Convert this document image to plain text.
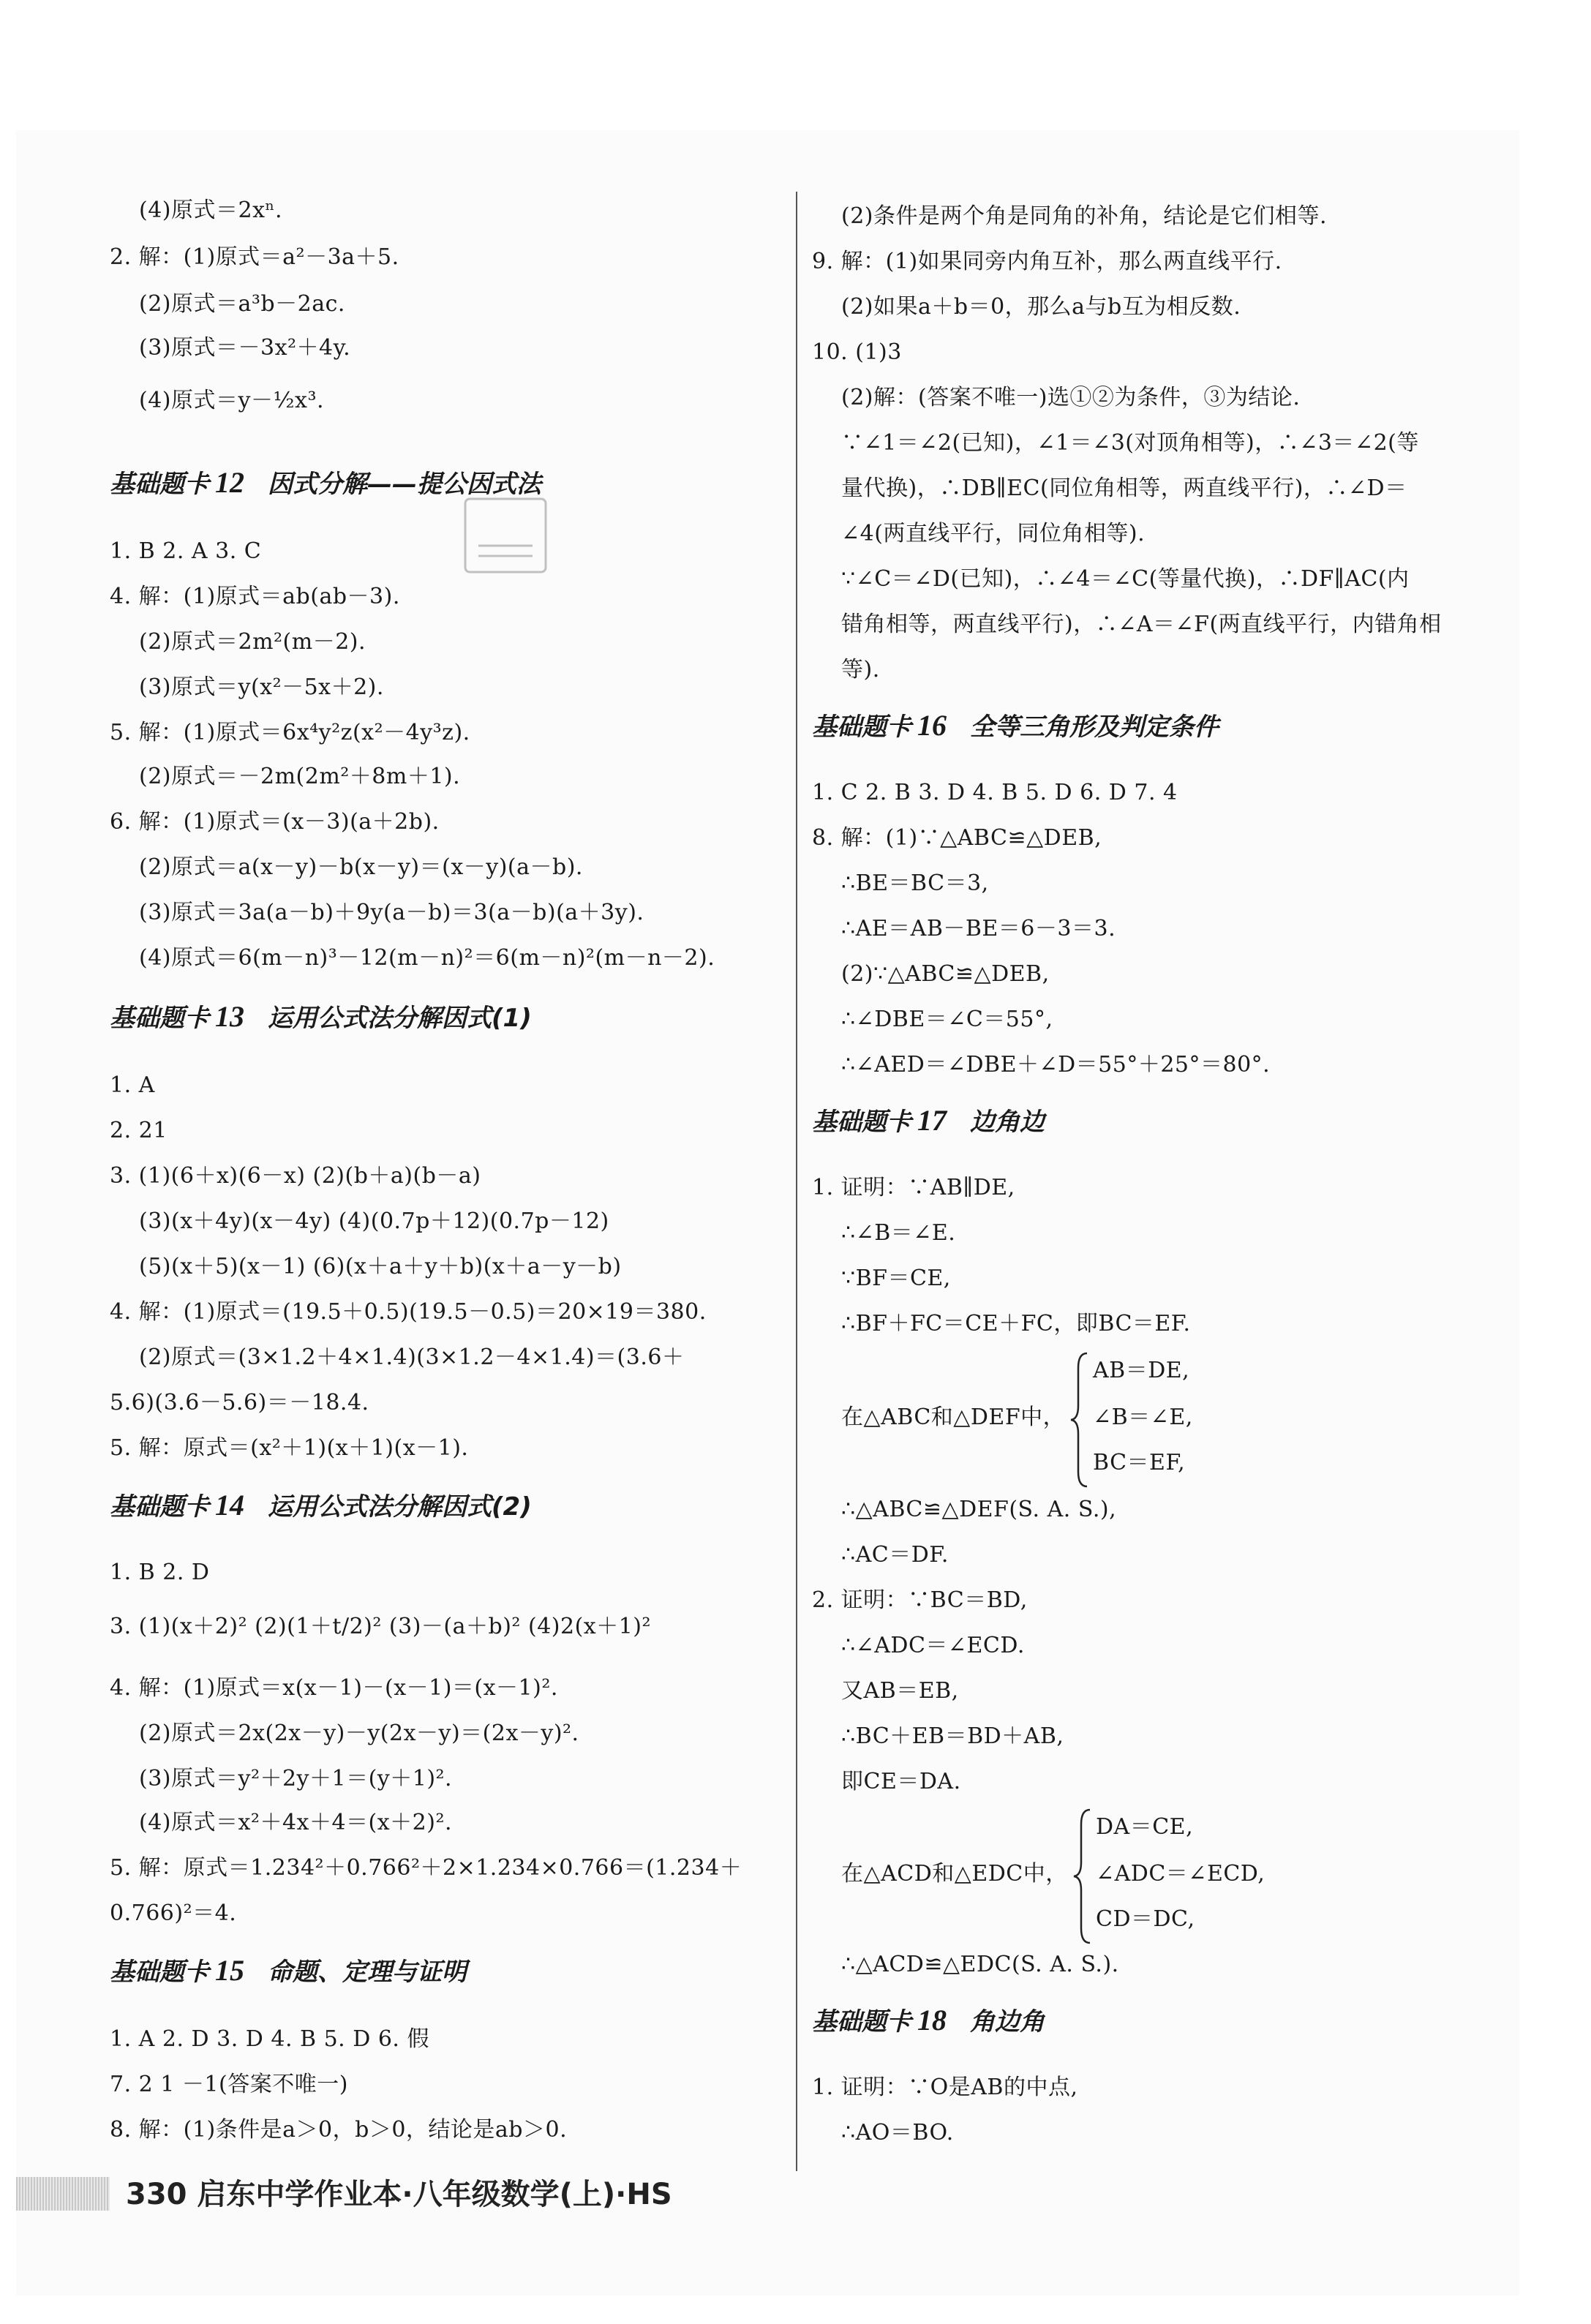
(4)原式＝2xⁿ.
2. 解：(1)原式＝a²－3a＋5.
(2)原式＝a³b－2ac.
(3)原式＝－3x²＋4y.
(4)原式＝y－½x³.
基础题卡 12 因式分解——提公因式法
1. B 2. A 3. C
4. 解：(1)原式＝ab(ab－3).
(2)原式＝2m²(m－2).
(3)原式＝y(x²－5x＋2).
5. 解：(1)原式＝6x⁴y²z(x²－4y³z).
(2)原式＝－2m(2m²＋8m＋1).
6. 解：(1)原式＝(x－3)(a＋2b).
(2)原式＝a(x－y)－b(x－y)＝(x－y)(a－b).
(3)原式＝3a(a－b)＋9y(a－b)＝3(a－b)(a＋3y).
(4)原式＝6(m－n)³－12(m－n)²＝6(m－n)²(m－n－2).
基础题卡 13 运用公式法分解因式(1)
1. A
2. 21
3. (1)(6＋x)(6－x) (2)(b＋a)(b－a)
(3)(x＋4y)(x－4y) (4)(0.7p＋12)(0.7p－12)
(5)(x＋5)(x－1) (6)(x＋a＋y＋b)(x＋a－y－b)
4. 解：(1)原式＝(19.5＋0.5)(19.5－0.5)＝20×19＝380.
(2)原式＝(3×1.2＋4×1.4)(3×1.2－4×1.4)＝(3.6＋
5.6)(3.6－5.6)＝－18.4.
5. 解：原式＝(x²＋1)(x＋1)(x－1).
基础题卡 14 运用公式法分解因式(2)
1. B 2. D
3. (1)(x＋2)² (2)(1＋t/2)² (3)－(a＋b)² (4)2(x＋1)²
4. 解：(1)原式＝x(x－1)－(x－1)＝(x－1)².
(2)原式＝2x(2x－y)－y(2x－y)＝(2x－y)².
(3)原式＝y²＋2y＋1＝(y＋1)².
(4)原式＝x²＋4x＋4＝(x＋2)².
5. 解：原式＝1.234²＋0.766²＋2×1.234×0.766＝(1.234＋
0.766)²＝4.
基础题卡 15 命题、定理与证明
1. A 2. D 3. D 4. B 5. D 6. 假
7. 2 1 －1(答案不唯一)
8. 解：(1)条件是a＞0，b＞0，结论是ab＞0.
(2)条件是两个角是同角的补角，结论是它们相等.
9. 解：(1)如果同旁内角互补，那么两直线平行.
(2)如果a＋b＝0，那么a与b互为相反数.
10. (1)3
(2)解：(答案不唯一)选①②为条件，③为结论.
∵∠1＝∠2(已知)，∠1＝∠3(对顶角相等)，∴∠3＝∠2(等
量代换)，∴DB∥EC(同位角相等，两直线平行)，∴∠D＝
∠4(两直线平行，同位角相等).
∵∠C＝∠D(已知)，∴∠4＝∠C(等量代换)，∴DF∥AC(内
错角相等，两直线平行)，∴∠A＝∠F(两直线平行，内错角相
等).
基础题卡 16 全等三角形及判定条件
1. C 2. B 3. D 4. B 5. D 6. D 7. 4
8. 解：(1)∵△ABC≌△DEB,
∴BE＝BC＝3,
∴AE＝AB－BE＝6－3＝3.
(2)∵△ABC≌△DEB,
∴∠DBE＝∠C＝55°,
∴∠AED＝∠DBE＋∠D＝55°＋25°＝80°.
基础题卡 17 边角边
1. 证明：∵AB∥DE,
∴∠B＝∠E.
∵BF＝CE,
∴BF＋FC＝CE＋FC，即BC＝EF.
在△ABC和△DEF中，
AB＝DE,
∠B＝∠E,
BC＝EF,
∴△ABC≌△DEF(S. A. S.),
∴AC＝DF.
2. 证明：∵BC＝BD,
∴∠ADC＝∠ECD.
又AB＝EB,
∴BC＋EB＝BD＋AB,
即CE＝DA.
在△ACD和△EDC中，
DA＝CE,
∠ADC＝∠ECD,
CD＝DC,
∴△ACD≌△EDC(S. A. S.).
基础题卡 18 角边角
1. 证明：∵O是AB的中点,
∴AO＝BO.
330 启东中学作业本·八年级数学(上)·HS
